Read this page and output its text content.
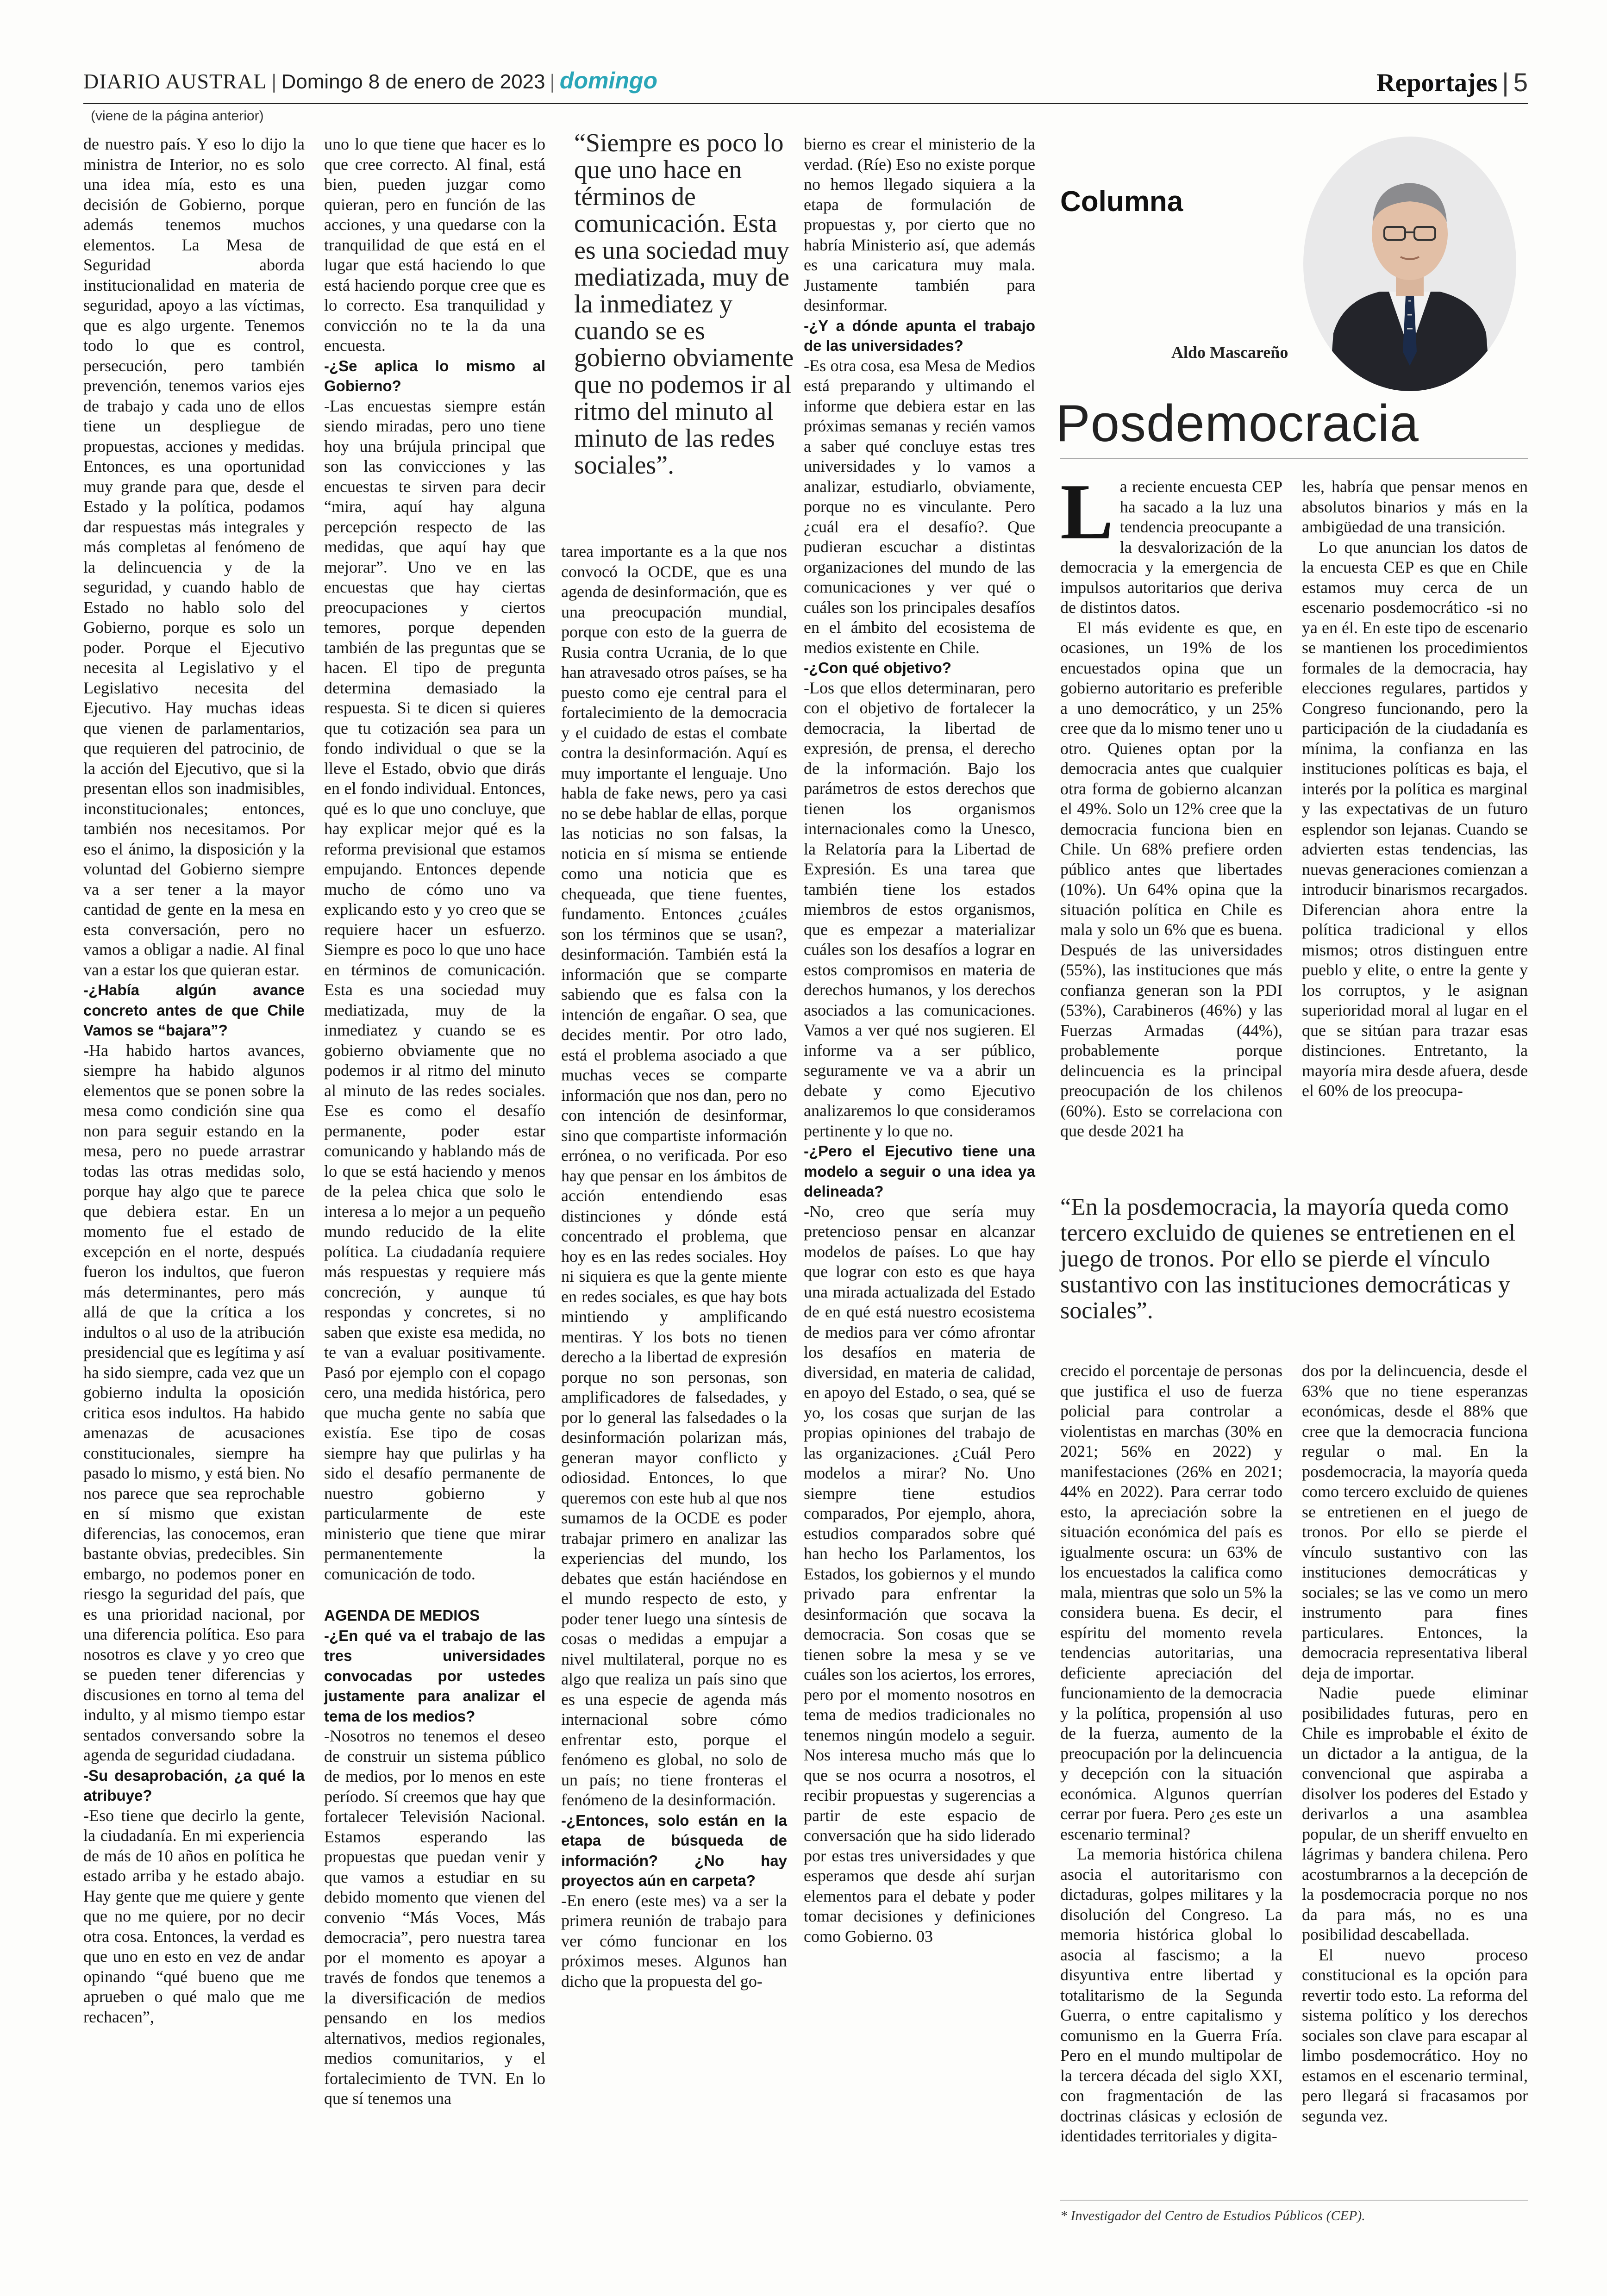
DIARIO AUSTRAL | Domingo 8 de enero de 2023 | domingo	Reportajes | 5
(viene de la página anterior)

de nuestro país. Y eso lo dijo la ministra de Interior, no es solo una idea mía, esto es una decisión de Gobierno, porque además tenemos muchos elementos. La Mesa de Seguridad aborda institucionalidad en materia de seguridad, apoyo a las víctimas, que es algo urgente. Tenemos todo lo que es control, persecución, pero también prevención, tenemos varios ejes de trabajo y cada uno de ellos tiene un despliegue de propuestas, acciones y medidas. Entonces, es una oportunidad muy grande para que, desde el Estado y la política, podamos dar respuestas más integrales y más completas al fenómeno de la delincuencia y de la seguridad, y cuando hablo de Estado no hablo solo del Gobierno, porque es solo un poder. Porque el Ejecutivo necesita al Legislativo y el Legislativo necesita del Ejecutivo. Hay muchas ideas que vienen de parlamentarios, que requieren del patrocinio, de la acción del Ejecutivo, que si la presentan ellos son inadmisibles, inconstitucionales; entonces, también nos necesitamos. Por eso el ánimo, la disposición y la voluntad del Gobierno siempre va a ser tener a la mayor cantidad de gente en la mesa en esta conversación, pero no vamos a obligar a nadie. Al final van a estar los que quieran estar.

-¿Había algún avance concreto antes de que Chile Vamos se “bajara”?

-Ha habido hartos avances, siempre ha habido algunos elementos que se ponen sobre la mesa como condición sine qua non para seguir estando en la mesa, pero no puede arrastrar todas las otras medidas solo, porque hay algo que te parece que debiera estar. En un momento fue el estado de excepción en el norte, después fueron los indultos, que fueron más determinantes, pero más allá de que la crítica a los indultos o al uso de la atribución presidencial que es legítima y así ha sido siempre, cada vez que un gobierno indulta la oposición critica esos indultos. Ha habido amenazas de acusaciones constitucionales, siempre ha pasado lo mismo, y está bien. No nos parece que sea reprochable en sí mismo que existan diferencias, las conocemos, eran bastante obvias, predecibles. Sin embargo, no podemos poner en riesgo la seguridad del país, que es una prioridad nacional, por una diferencia política. Eso para nosotros es clave y yo creo que se pueden tener diferencias y discusiones en torno al tema del indulto, y al mismo tiempo estar sentados conversando sobre la agenda de seguridad ciudadana.

-Su desaprobación, ¿a qué la atribuye?

-Eso tiene que decirlo la gente, la ciudadanía. En mi experiencia de más de 10 años en política he estado arriba y he estado abajo. Hay gente que me quiere y gente que no me quiere, por no decir otra cosa. Entonces, la verdad es que uno en esto en vez de andar opinando “qué bueno que me aprueben o qué malo que me rechacen”,

uno lo que tiene que hacer es lo que cree correcto. Al final, está bien, pueden juzgar como quieran, pero en función de las acciones, y una quedarse con la tranquilidad de que está en el lugar que está haciendo lo que está haciendo porque cree que es lo correcto. Esa tranquilidad y convicción no te la da una encuesta.

-¿Se aplica lo mismo al Gobierno?

-Las encuestas siempre están siendo miradas, pero uno tiene hoy una brújula principal que son las convicciones y las encuestas te sirven para decir “mira, aquí hay alguna percepción respecto de las medidas, que aquí hay que mejorar”. Uno ve en las encuestas que hay ciertas preocupaciones y ciertos temores, porque dependen también de las preguntas que se hacen. El tipo de pregunta determina demasiado la respuesta. Si te dicen si quieres que tu cotización sea para un fondo individual o que se la lleve el Estado, obvio que dirás en el fondo individual. Entonces, qué es lo que uno concluye, que hay explicar mejor qué es la reforma previsional que estamos empujando. Entonces depende mucho de cómo uno va explicando esto y yo creo que se requiere hacer un esfuerzo. Siempre es poco lo que uno hace en términos de comunicación. Esta es una sociedad muy mediatizada, muy de la inmediatez y cuando se es gobierno obviamente que no podemos ir al ritmo del minuto al minuto de las redes sociales. Ese es como el desafío permanente, poder estar comunicando y hablando más de lo que se está haciendo y menos de la pelea chica que solo le interesa a lo mejor a un pequeño mundo reducido de la elite política. La ciudadanía requiere más respuestas y requiere más concreción, y aunque tú respondas y concretes, si no saben que existe esa medida, no te van a evaluar positivamente. Pasó por ejemplo con el copago cero, una medida histórica, pero que mucha gente no sabía que existía. Ese tipo de cosas siempre hay que pulirlas y ha sido el desafío permanente de nuestro gobierno y particularmente de este ministerio que tiene que mirar permanentemente la comunicación de todo.

AGENDA DE MEDIOS

-¿En qué va el trabajo de las tres universidades convocadas por ustedes justamente para analizar el tema de los medios?

-Nosotros no tenemos el deseo de construir un sistema público de medios, por lo menos en este período. Sí creemos que hay que fortalecer Televisión Nacional. Estamos esperando las propuestas que puedan venir y que vamos a estudiar en su debido momento que vienen del convenio “Más Voces, Más democracia”, pero nuestra tarea por el momento es apoyar a través de fondos que tenemos a la diversificación de medios pensando en los medios alternativos, medios regionales, medios comunitarios, y el fortalecimiento de TVN. En lo que sí tenemos una

“Siempre es poco lo que uno hace en términos de comunicación. Esta es una sociedad muy mediatizada, muy de la inmediatez y cuando se es gobierno obviamente que no podemos ir al ritmo del minuto al minuto de las redes sociales”.

tarea importante es a la que nos convocó la OCDE, que es una agenda de desinformación, que es una preocupación mundial, porque con esto de la guerra de Rusia contra Ucrania, de lo que han atravesado otros países, se ha puesto como eje central para el fortalecimiento de la democracia y el cuidado de estas el combate contra la desinformación. Aquí es muy importante el lenguaje. Uno habla de fake news, pero ya casi no se debe hablar de ellas, porque las noticias no son falsas, la noticia en sí misma se entiende como una noticia que es chequeada, que tiene fuentes, fundamento. Entonces ¿cuáles son los términos que se usan?, desinformación. También está la información que se comparte sabiendo que es falsa con la intención de engañar. O sea, que decides mentir. Por otro lado, está el problema asociado a que muchas veces se comparte información que nos dan, pero no con intención de desinformar, sino que compartiste información errónea, o no verificada. Por eso hay que pensar en los ámbitos de acción entendiendo esas distinciones y dónde está concentrado el problema, que hoy es en las redes sociales. Hoy ni siquiera es que la gente miente en redes sociales, es que hay bots mintiendo y amplificando mentiras. Y los bots no tienen derecho a la libertad de expresión porque no son personas, son amplificadores de falsedades, y por lo general las falsedades o la desinformación polarizan más, generan mayor conflicto y odiosidad. Entonces, lo que queremos con este hub al que nos sumamos de la OCDE es poder trabajar primero en analizar las experiencias del mundo, los debates que están haciéndose en el mundo respecto de esto, y poder tener luego una síntesis de cosas o medidas a empujar a nivel multilateral, porque no es algo que realiza un país sino que es una especie de agenda más internacional sobre cómo enfrentar esto, porque el fenómeno es global, no solo de un país; no tiene fronteras el fenómeno de la desinformación.

-¿Entonces, solo están en la etapa de búsqueda de información? ¿No hay proyectos aún en carpeta?

-En enero (este mes) va a ser la primera reunión de trabajo para ver cómo funcionar en los próximos meses. Algunos han dicho que la propuesta del go-

bierno es crear el ministerio de la verdad. (Ríe) Eso no existe porque no hemos llegado siquiera a la etapa de formulación de propuestas y, por cierto que no habría Ministerio así, que además es una caricatura muy mala. Justamente también para desinformar.

-¿Y a dónde apunta el trabajo de las universidades?

-Es otra cosa, esa Mesa de Medios está preparando y ultimando el informe que debiera estar en las próximas semanas y recién vamos a saber qué concluye estas tres universidades y lo vamos a analizar, estudiarlo, obviamente, porque no es vinculante. Pero ¿cuál era el desafío?. Que pudieran escuchar a distintas organizaciones del mundo de las comunicaciones y ver qué o cuáles son los principales desafíos en el ámbito del ecosistema de medios existente en Chile.

-¿Con qué objetivo?

-Los que ellos determinaran, pero con el objetivo de fortalecer la democracia, la libertad de expresión, de prensa, el derecho de la información. Bajo los parámetros de estos derechos que tienen los organismos internacionales como la Unesco, la Relatoría para la Libertad de Expresión. Es una tarea que también tiene los estados miembros de estos organismos, que es empezar a materializar cuáles son los desafíos a lograr en estos compromisos en materia de derechos humanos, y los derechos asociados a las comunicaciones. Vamos a ver qué nos sugieren. El informe va a ser público, seguramente ve va a abrir un debate y como Ejecutivo analizaremos lo que consideramos pertinente y lo que no.

-¿Pero el Ejecutivo tiene una modelo a seguir o una idea ya delineada?

-No, creo que sería muy pretencioso pensar en alcanzar modelos de países. Lo que hay que lograr con esto es que haya una mirada actualizada del Estado de en qué está nuestro ecosistema de medios para ver cómo afrontar los desafíos en materia de diversidad, en materia de calidad, en apoyo del Estado, o sea, qué se yo, los cosas que surjan de las propias opiniones del trabajo de las organizaciones. ¿Cuál Pero modelos a mirar? No. Uno siempre tiene estudios comparados, Por ejemplo, ahora, estudios comparados sobre qué han hecho los Parlamentos, los Estados, los gobiernos y el mundo privado para enfrentar la desinformación que socava la democracia. Son cosas que se tienen sobre la mesa y se ve cuáles son los aciertos, los errores, pero por el momento nosotros en tema de medios tradicionales no tenemos ningún modelo a seguir. Nos interesa mucho más que lo que se nos ocurra a nosotros, el recibir propuestas y sugerencias a partir de este espacio de conversación que ha sido liderado por estas tres universidades y que esperamos que desde ahí surjan elementos para el debate y poder tomar decisiones y definiciones como Gobierno. 03

Columna
Aldo Mascareño
Posdemocracia

La reciente encuesta CEP ha sacado a la luz una tendencia preocupante a la desvalorización de la democracia y la emergencia de impulsos autoritarios que deriva de distintos datos.

El más evidente es que, en ocasiones, un 19% de los encuestados opina que un gobierno autoritario es preferible a uno democrático, y un 25% cree que da lo mismo tener uno u otro. Quienes optan por la democracia antes que cualquier otra forma de gobierno alcanzan el 49%. Solo un 12% cree que la democracia funciona bien en Chile. Un 68% prefiere orden público antes que libertades (10%). Un 64% opina que la situación política en Chile es mala y solo un 6% que es buena. Después de las universidades (55%), las instituciones que más confianza generan son la PDI (53%), Carabineros (46%) y las Fuerzas Armadas (44%), probablemente porque delincuencia es la principal preocupación de los chilenos (60%). Esto se correlaciona con que desde 2021 ha

les, habría que pensar menos en absolutos binarios y más en la ambigüedad de una transición.

Lo que anuncian los datos de la encuesta CEP es que en Chile estamos muy cerca de un escenario posdemocrático -si no ya en él. En este tipo de escenario se mantienen los procedimientos formales de la democracia, hay elecciones regulares, partidos y Congreso funcionando, pero la participación de la ciudadanía es mínima, la confianza en las instituciones políticas es baja, el interés por la política es marginal y las expectativas de un futuro esplendor son lejanas. Cuando se advierten estas tendencias, las nuevas generaciones comienzan a introducir binarismos recargados. Diferencian ahora entre la política tradicional y ellos mismos; otros distinguen entre pueblo y elite, o entre la gente y los corruptos, y le asignan superioridad moral al lugar en el que se sitúan para trazar esas distinciones. Entretanto, la mayoría mira desde afuera, desde el 60% de los preocupa-

“En la posdemocracia, la mayoría queda como tercero excluido de quienes se entretienen en el juego de tronos. Por ello se pierde el vínculo sustantivo con las instituciones democráticas y sociales”.

crecido el porcentaje de personas que justifica el uso de fuerza policial para controlar a violentistas en marchas (30% en 2021; 56% en 2022) y manifestaciones (26% en 2021; 44% en 2022). Para cerrar todo esto, la apreciación sobre la situación económica del país es igualmente oscura: un 63% de los encuestados la califica como mala, mientras que solo un 5% la considera buena. Es decir, el espíritu del momento revela tendencias autoritarias, una deficiente apreciación del funcionamiento de la democracia y la política, propensión al uso de la fuerza, aumento de la preocupación por la delincuencia y decepción con la situación económica. Algunos querrían cerrar por fuera. Pero ¿es este un escenario terminal?

La memoria histórica chilena asocia el autoritarismo con dictaduras, golpes militares y la disolución del Congreso. La memoria histórica global lo asocia al fascismo; a la disyuntiva entre libertad y totalitarismo de la Segunda Guerra, o entre capitalismo y comunismo en la Guerra Fría. Pero en el mundo multipolar de la tercera década del siglo XXI, con fragmentación de las doctrinas clásicas y eclosión de identidades territoriales y digita-

dos por la delincuencia, desde el 63% que no tiene esperanzas económicas, desde el 88% que cree que la democracia funciona regular o mal. En la posdemocracia, la mayoría queda como tercero excluido de quienes se entretienen en el juego de tronos. Por ello se pierde el vínculo sustantivo con las instituciones democráticas y sociales; se las ve como un mero instrumento para fines particulares. Entonces, la democracia representativa liberal deja de importar.

Nadie puede eliminar posibilidades futuras, pero en Chile es improbable el éxito de un dictador a la antigua, de la convencional que aspiraba a disolver los poderes del Estado y derivarlos a una asamblea popular, de un sheriff envuelto en lágrimas y bandera chilena. Pero acostumbrarnos a la decepción de la posdemocracia porque no nos da para más, no es una posibilidad descabellada.

El nuevo proceso constitucional es la opción para revertir todo esto. La reforma del sistema político y los derechos sociales son clave para escapar al limbo posdemocrático. Hoy no estamos en el escenario terminal, pero llegará si fracasamos por segunda vez.

* Investigador del Centro de Estudios Públicos (CEP).
